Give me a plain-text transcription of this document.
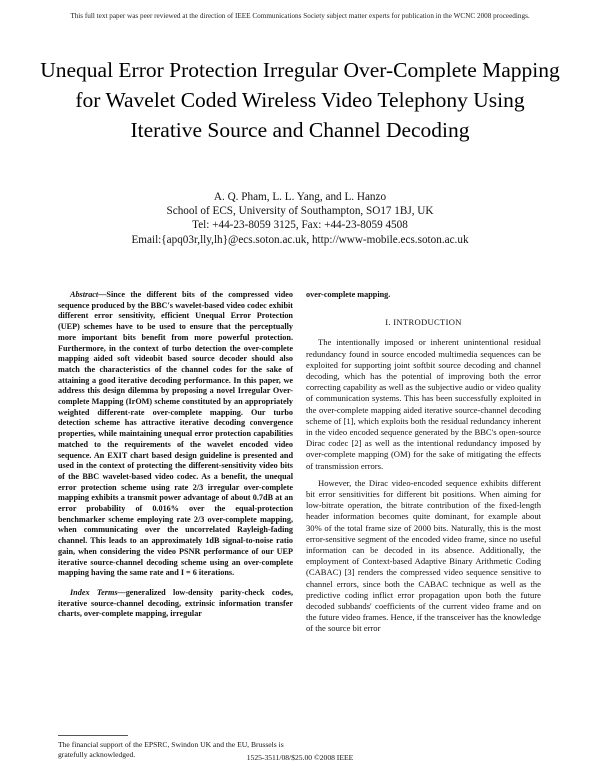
This full text paper was peer reviewed at the direction of IEEE Communications Society subject matter experts for publication in the WCNC 2008 proceedings.
Unequal Error Protection Irregular Over-Complete Mapping for Wavelet Coded Wireless Video Telephony Using Iterative Source and Channel Decoding
A. Q. Pham, L. L. Yang, and L. Hanzo
School of ECS, University of Southampton, SO17 1BJ, UK
Tel: +44-23-8059 3125, Fax: +44-23-8059 4508
Email:{apq03r,lly,lh}@ecs.soton.ac.uk, http://www-mobile.ecs.soton.ac.uk

Abstract—Since the different bits of the compressed video sequence produced by the BBC's wavelet-based video codec exhibit different error sensitivity, efficient Unequal Error Protection (UEP) schemes have to be used to ensure that the perceptually more important bits benefit from more powerful protection. Furthermore, in the context of turbo detection the over-complete mapping aided soft videobit based source decoder should also match the characteristics of the channel codes for the sake of attaining a good iterative decoding performance. In this paper, we address this design dilemma by proposing a novel Irregular Over-complete Mapping (IrOM) scheme constituted by an appropriately weighted different-rate over-complete mapping. Our turbo detection scheme has attractive iterative decoding convergence properties, while maintaining unequal error protection capabilities matched to the requirements of the wavelet encoded video sequence. An EXIT chart based design guideline is presented and used in the context of protecting the different-sensitivity video bits of the BBC wavelet-based video codec. As a benefit, the unequal error protection scheme using rate 2/3 irregular over-complete mapping exhibits a transmit power advantage of about 0.7dB at an error probability of 0.016% over the equal-protection benchmarker scheme employing rate 2/3 over-complete mapping, when communicating over the uncorrelated Rayleigh-fading channel. This leads to an approximately 1dB signal-to-noise ratio gain, when considering the video PSNR performance of our UEP iterative source-channel decoding scheme using an over-complete mapping having the same rate and I = 6 iterations.

Index Terms—generalized low-density parity-check codes, iterative source-channel decoding, extrinsic information transfer charts, over-complete mapping, irregular

The financial support of the EPSRC, Swindon UK and the EU, Brussels is gratefully acknowledged.

over-complete mapping.

I. INTRODUCTION

The intentionally imposed or inherent unintentional residual redundancy found in source encoded multimedia sequences can be exploited for supporting joint softbit source decoding and channel decoding, which has the potential of improving both the error correcting capability as well as the subjective audio or video quality of communication systems. This has been successfully exploited in the over-complete mapping aided iterative source-channel decoding scheme of [1], which exploits both the residual redundancy inherent in the video encoded sequence generated by the BBC's open-source Dirac codec [2] as well as the intentional redundancy imposed by over-complete mapping (OM) for the sake of mitigating the effects of transmission errors.

However, the Dirac video-encoded sequence exhibits different bit error sensitivities for different bit positions. When aiming for low-bitrate operation, the bitrate contribution of the fixed-length header information becomes quite dominant, for example about 30% of the total frame size of 2000 bits. Naturally, this is the most error-sensitive segment of the encoded video frame, since no useful information can be decoded in its absence. Additionally, the employment of Context-based Adaptive Binary Arithmetic Coding (CABAC) [3] renders the compressed video sequence sensitive to channel errors, since both the CABAC technique as well as the predictive coding inflict error propagation upon both the future decoded subbands' coefficients of the current video frame and on the future video frames. Hence, if the transceiver has the knowledge of the source bit error

1525-3511/08/$25.00 ©2008 IEEE
